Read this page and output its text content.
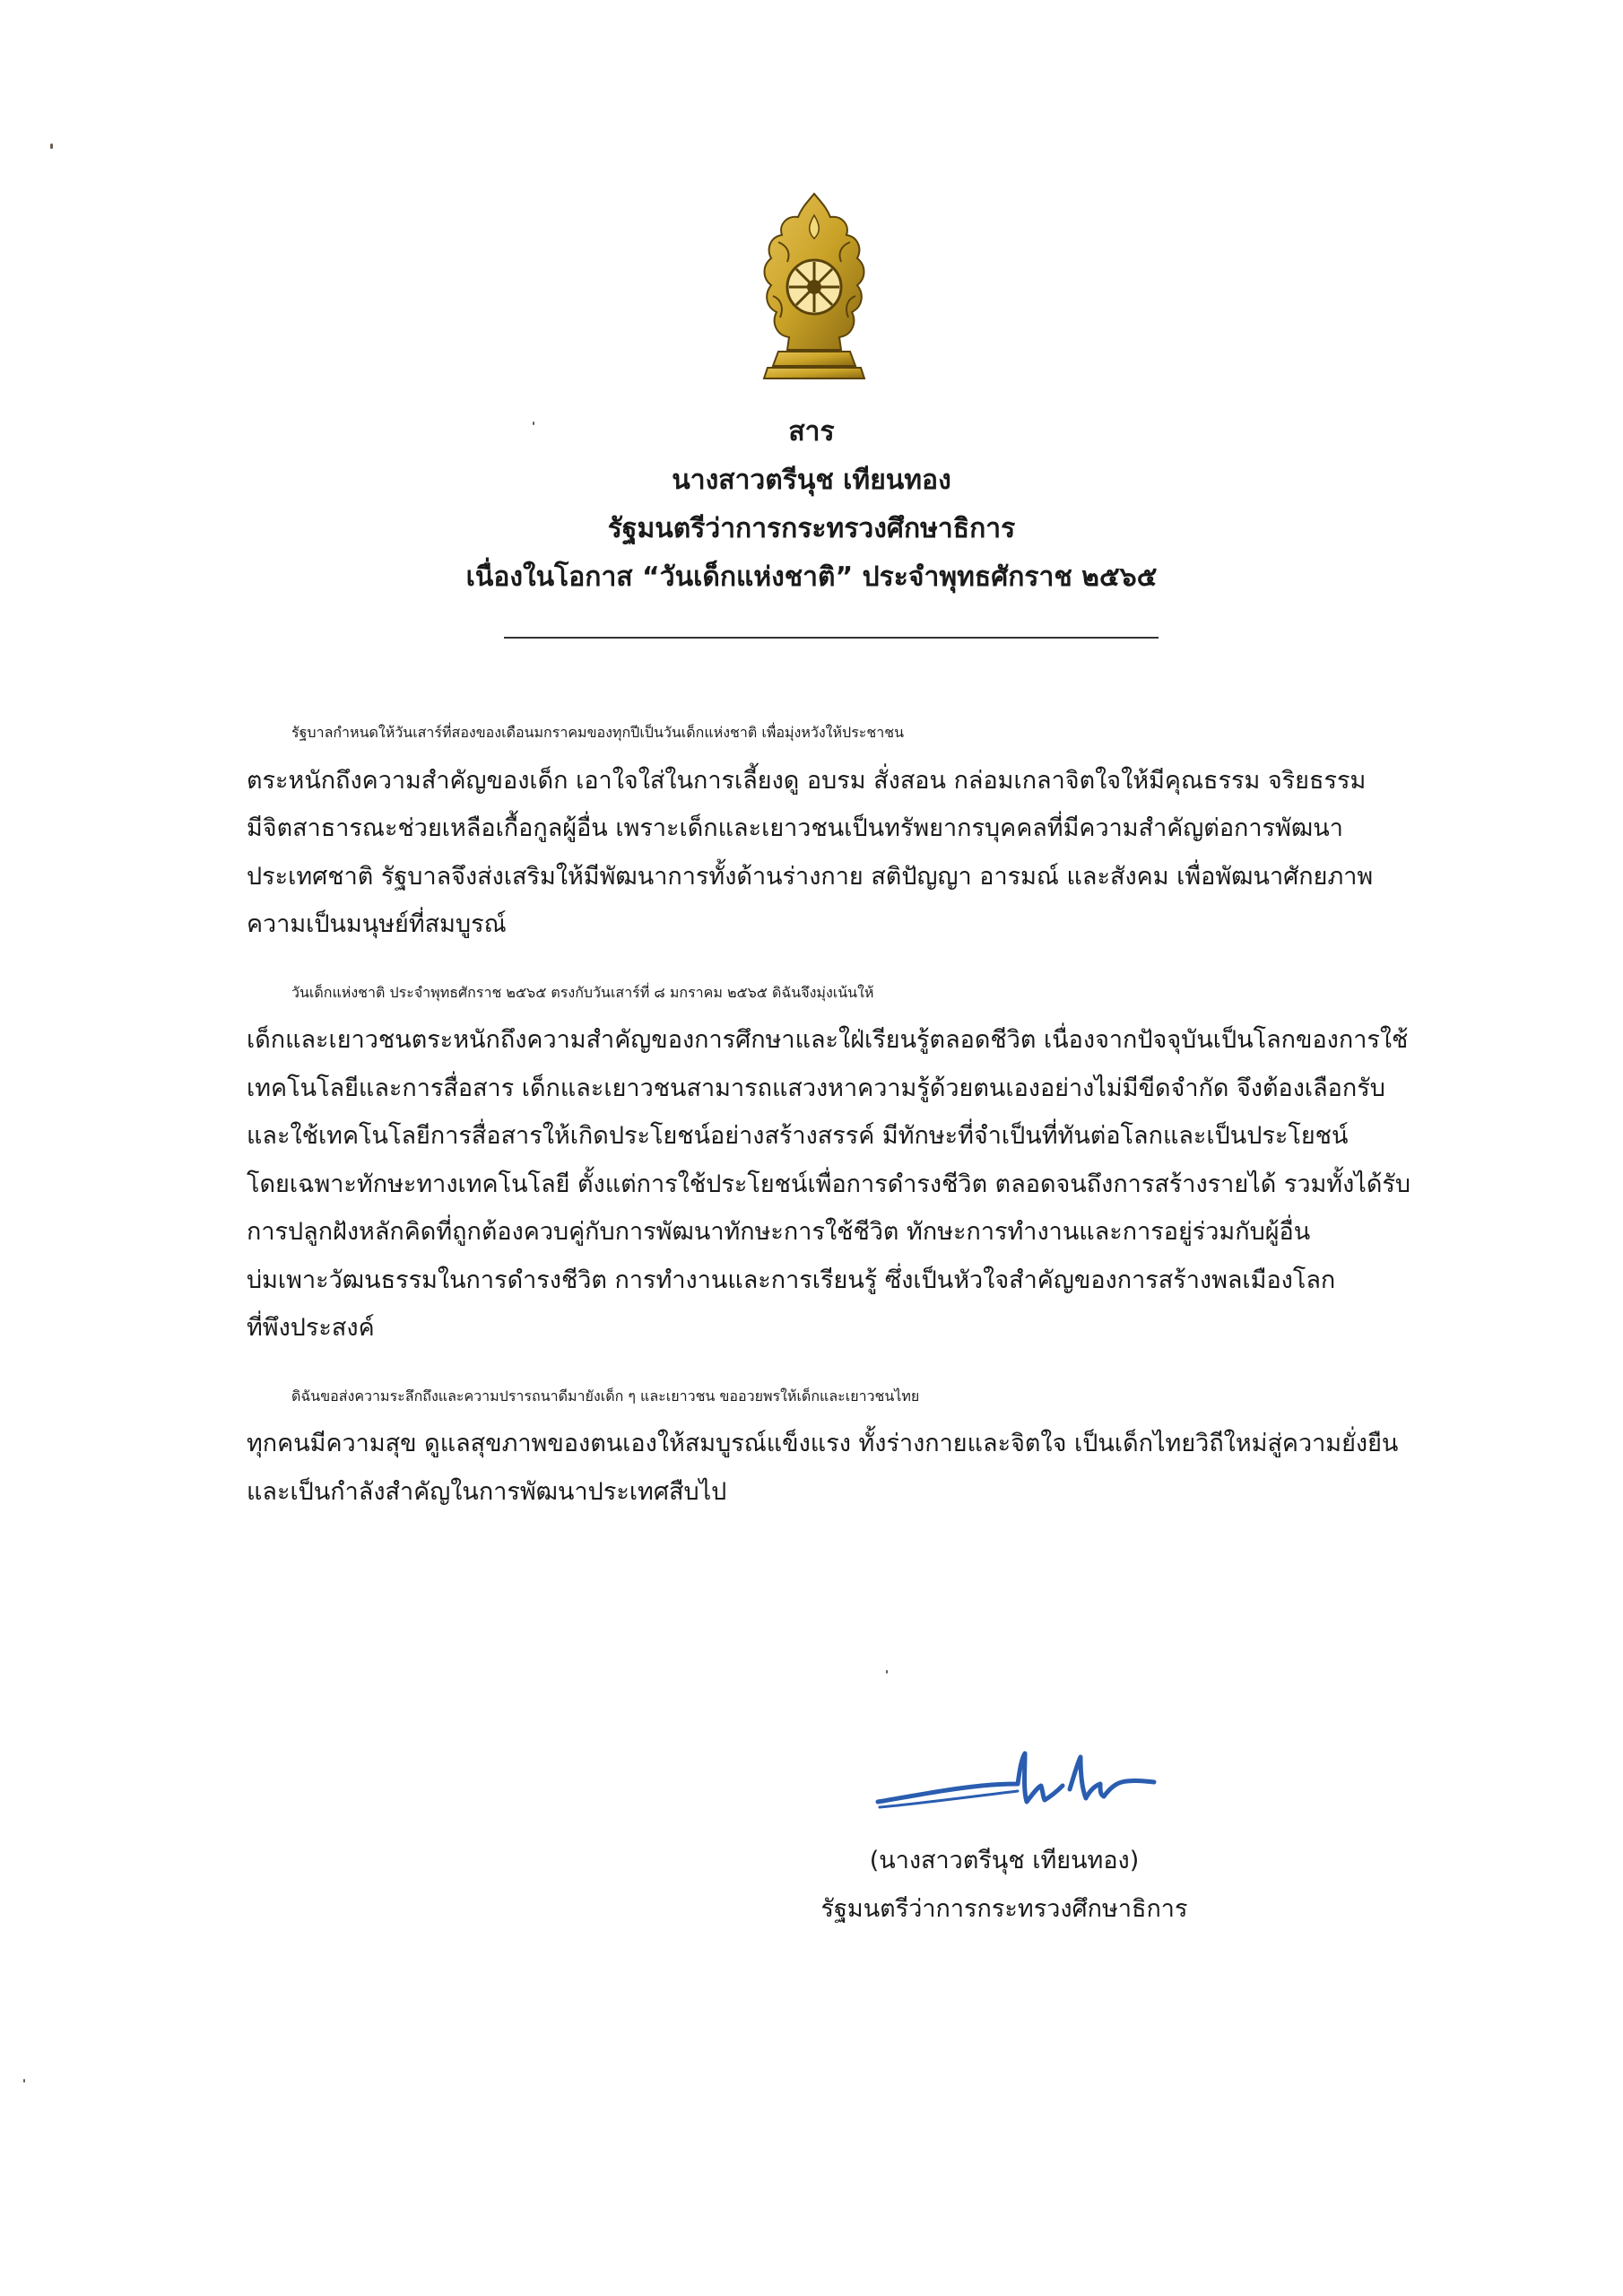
สาร
นางสาวตรีนุช เทียนทอง
รัฐมนตรีว่าการกระทรวงศึกษาธิการ
เนื่องในโอกาส “วันเด็กแห่งชาติ” ประจำพุทธศักราช ๒๕๖๕

รัฐบาลกำหนดให้วันเสาร์ที่สองของเดือนมกราคมของทุกปีเป็นวันเด็กแห่งชาติ เพื่อมุ่งหวังให้ประชาชน
ตระหนักถึงความสำคัญของเด็ก เอาใจใส่ในการเลี้ยงดู อบรม สั่งสอน กล่อมเกลาจิตใจให้มีคุณธรรม จริยธรรม
มีจิตสาธารณะช่วยเหลือเกื้อกูลผู้อื่น เพราะเด็กและเยาวชนเป็นทรัพยากรบุคคลที่มีความสำคัญต่อการพัฒนา
ประเทศชาติ รัฐบาลจึงส่งเสริมให้มีพัฒนาการทั้งด้านร่างกาย สติปัญญา อารมณ์ และสังคม เพื่อพัฒนาศักยภาพ
ความเป็นมนุษย์ที่สมบูรณ์

วันเด็กแห่งชาติ ประจำพุทธศักราช ๒๕๖๕ ตรงกับวันเสาร์ที่ ๘ มกราคม ๒๕๖๕ ดิฉันจึงมุ่งเน้นให้
เด็กและเยาวชนตระหนักถึงความสำคัญของการศึกษาและใฝ่เรียนรู้ตลอดชีวิต เนื่องจากปัจจุบันเป็นโลกของการใช้
เทคโนโลยีและการสื่อสาร เด็กและเยาวชนสามารถแสวงหาความรู้ด้วยตนเองอย่างไม่มีขีดจำกัด จึงต้องเลือกรับ
และใช้เทคโนโลยีการสื่อสารให้เกิดประโยชน์อย่างสร้างสรรค์ มีทักษะที่จำเป็นที่ทันต่อโลกและเป็นประโยชน์
โดยเฉพาะทักษะทางเทคโนโลยี ตั้งแต่การใช้ประโยชน์เพื่อการดำรงชีวิต ตลอดจนถึงการสร้างรายได้ รวมทั้งได้รับ
การปลูกฝังหลักคิดที่ถูกต้องควบคู่กับการพัฒนาทักษะการใช้ชีวิต ทักษะการทำงานและการอยู่ร่วมกับผู้อื่น
บ่มเพาะวัฒนธรรมในการดำรงชีวิต การทำงานและการเรียนรู้ ซึ่งเป็นหัวใจสำคัญของการสร้างพลเมืองโลก
ที่พึงประสงค์

ดิฉันขอส่งความระลึกถึงและความปรารถนาดีมายังเด็ก ๆ และเยาวชน ขออวยพรให้เด็กและเยาวชนไทย
ทุกคนมีความสุข ดูแลสุขภาพของตนเองให้สมบูรณ์แข็งแรง ทั้งร่างกายและจิตใจ เป็นเด็กไทยวิถีใหม่สู่ความยั่งยืน
และเป็นกำลังสำคัญในการพัฒนาประเทศสืบไป

(นางสาวตรีนุช เทียนทอง)
รัฐมนตรีว่าการกระทรวงศึกษาธิการ
